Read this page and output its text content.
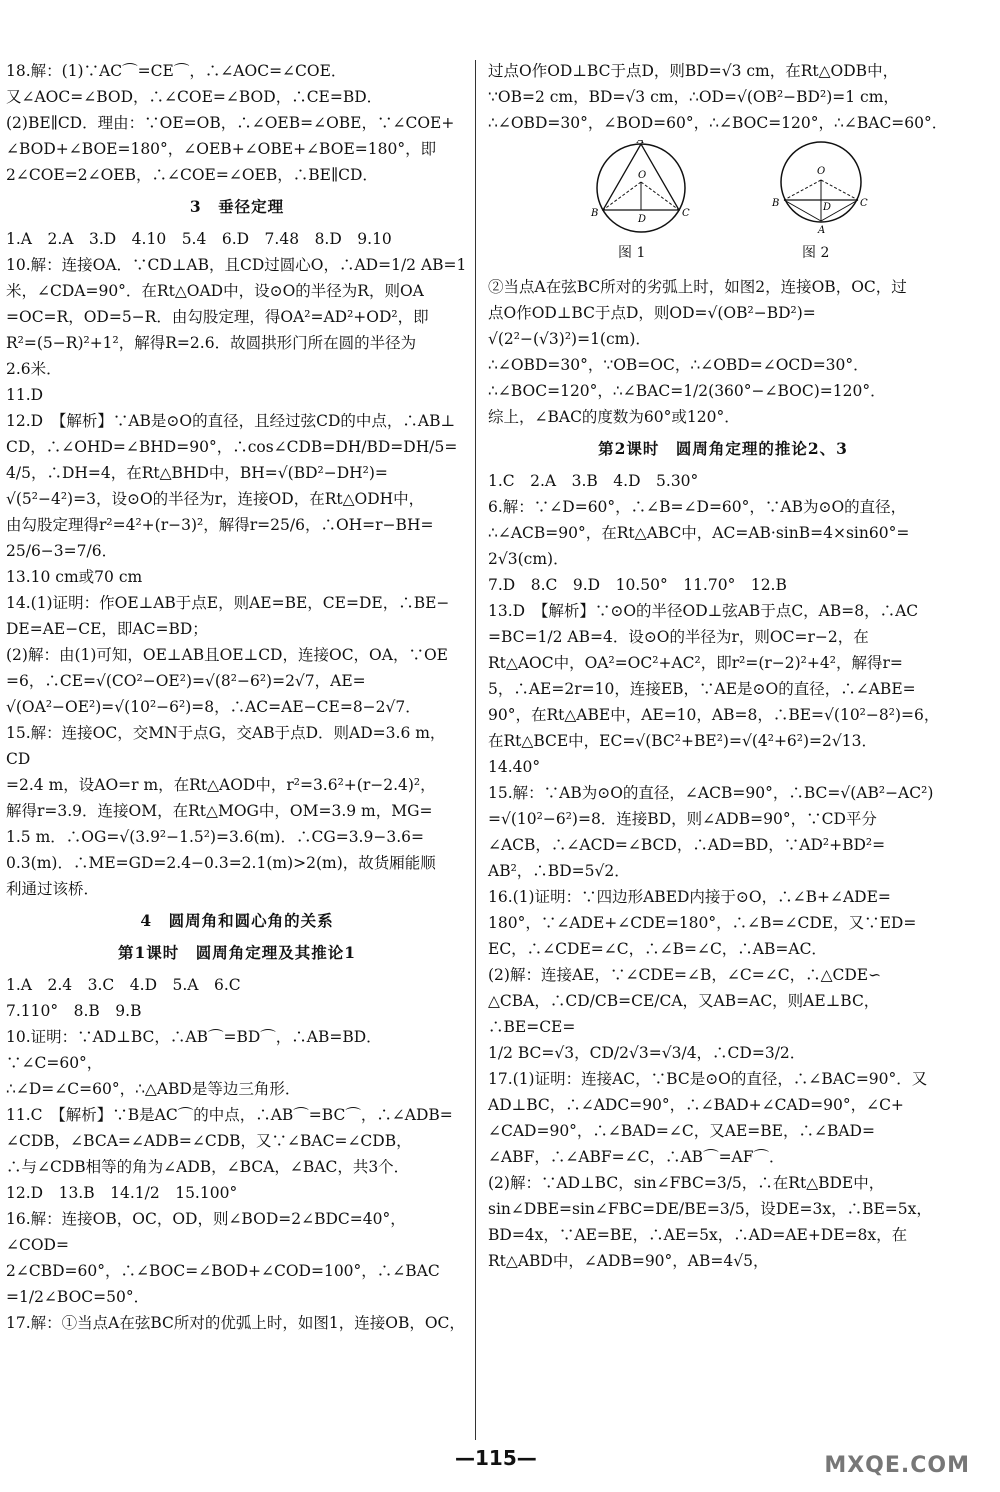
18.解：(1)∵AC⌒=CE⌒，∴∠AOC=∠COE．
又∠AOC=∠BOD，∴∠COE=∠BOD，∴CE=BD．
(2)BE∥CD．理由：∵OE=OB，∴∠OEB=∠OBE，∵∠COE+
∠BOD+∠BOE=180°，∠OEB+∠OBE+∠BOE=180°，即
2∠COE=2∠OEB，∴∠COE=∠OEB，∴BE∥CD．
3　垂径定理
1.A　2.A　3.D　4.10　5.4　6.D　7.48　8.D　9.10
10.解：连接OA．∵CD⊥AB，且CD过圆心O，∴AD=1/2 AB=1
米，∠CDA=90°．在Rt△OAD中，设⊙O的半径为R，则OA
=OC=R，OD=5−R．由勾股定理，得OA²=AD²+OD²，即
R²=(5−R)²+1²，解得R=2.6．故圆拱形门所在圆的半径为
2.6米．
11.D
12.D　【解析】∵AB是⊙O的直径，且经过弦CD的中点，∴AB⊥
CD，∴∠OHD=∠BHD=90°，∴cos∠CDB=DH/BD=DH/5=
4/5，∴DH=4，在Rt△BHD中，BH=√(BD²−DH²)=
√(5²−4²)=3，设⊙O的半径为r，连接OD，在Rt△ODH中，
由勾股定理得r²=4²+(r−3)²，解得r=25/6，∴OH=r−BH=
25/6−3=7/6．
13.10 cm或70 cm
14.(1)证明：作OE⊥AB于点E，则AE=BE，CE=DE，∴BE−
DE=AE−CE，即AC=BD；
(2)解：由(1)可知，OE⊥AB且OE⊥CD，连接OC，OA，∵OE
=6，∴CE=√(CO²−OE²)=√(8²−6²)=2√7，AE=
√(OA²−OE²)=√(10²−6²)=8，∴AC=AE−CE=8−2√7．
15.解：连接OC，交MN于点G，交AB于点D．则AD=3.6 m，CD
=2.4 m，设AO=r m，在Rt△AOD中，r²=3.6²+(r−2.4)²，
解得r=3.9．连接OM，在Rt△MOG中，OM=3.9 m，MG=
1.5 m．∴OG=√(3.9²−1.5²)=3.6(m)．∴CG=3.9−3.6=
0.3(m)．∴ME=GD=2.4−0.3=2.1(m)>2(m)，故货厢能顺
利通过该桥．
4　圆周角和圆心角的关系
第1课时　圆周角定理及其推论1
1.A　2.4　3.C　4.D　5.A　6.C
7.110°　8.B　9.B
10.证明：∵AD⊥BC，∴AB⌒=BD⌒，∴AB=BD．∵∠C=60°，
∴∠D=∠C=60°，∴△ABD是等边三角形．
11.C　【解析】∵B是AC⌒的中点，∴AB⌒=BC⌒，∴∠ADB=
∠CDB，∠BCA=∠ADB=∠CDB，又∵∠BAC=∠CDB，
∴与∠CDB相等的角为∠ADB，∠BCA，∠BAC，共3个．
12.D　13.B　14.1/2　15.100°
16.解：连接OB，OC，OD，则∠BOD=2∠BDC=40°，∠COD=
2∠CBD=60°，∴∠BOC=∠BOD+∠COD=100°，∴∠BAC
=1/2∠BOC=50°．
17.解：①当点A在弦BC所对的优弧上时，如图1，连接OB，OC，
过点O作OD⊥BC于点D，则BD=√3 cm，在Rt△ODB中，
∵OB=2 cm，BD=√3 cm，∴OD=√(OB²−BD²)=1 cm，
∴∠OBD=30°，∠BOD=60°，∴∠BOC=120°，∴∠BAC=60°．
A
B	C
O
D
图 1
O
B	C
D
A
图 2
②当点A在弦BC所对的劣弧上时，如图2，连接OB，OC，过
点O作OD⊥BC于点D，则OD=√(OB²−BD²)=
√(2²−(√3)²)=1(cm)．
∴∠OBD=30°，∵OB=OC，∴∠OBD=∠OCD=30°．
∴∠BOC=120°，∴∠BAC=1/2(360°−∠BOC)=120°．
综上，∠BAC的度数为60°或120°．
第2课时　圆周角定理的推论2、3
1.C　2.A　3.B　4.D　5.30°
6.解：∵∠D=60°，∴∠B=∠D=60°，∵AB为⊙O的直径，
∴∠ACB=90°，在Rt△ABC中，AC=AB·sinB=4×sin60°=
2√3(cm)．
7.D　8.C　9.D　10.50°　11.70°　12.B
13.D　【解析】∵⊙O的半径OD⊥弦AB于点C，AB=8，∴AC
=BC=1/2 AB=4．设⊙O的半径为r，则OC=r−2，在
Rt△AOC中，OA²=OC²+AC²，即r²=(r−2)²+4²，解得r=
5，∴AE=2r=10，连接EB，∵AE是⊙O的直径，∴∠ABE=
90°，在Rt△ABE中，AE=10，AB=8，∴BE=√(10²−8²)=6，
在Rt△BCE中，EC=√(BC²+BE²)=√(4²+6²)=2√13．
14.40°
15.解：∵AB为⊙O的直径，∠ACB=90°，∴BC=√(AB²−AC²)
=√(10²−6²)=8．连接BD，则∠ADB=90°，∵CD平分
∠ACB，∴∠ACD=∠BCD，∴AD=BD，∵AD²+BD²=
AB²，∴BD=5√2．
16.(1)证明：∵四边形ABED内接于⊙O，∴∠B+∠ADE=
180°，∵∠ADE+∠CDE=180°，∴∠B=∠CDE，又∵ED=
EC，∴∠CDE=∠C，∴∠B=∠C，∴AB=AC．
(2)解：连接AE，∵∠CDE=∠B，∠C=∠C，∴△CDE∽
△CBA，∴CD/CB=CE/CA，又AB=AC，则AE⊥BC，∴BE=CE=
1/2 BC=√3，CD/2√3=√3/4，∴CD=3/2．
17.(1)证明：连接AC，∵BC是⊙O的直径，∴∠BAC=90°．又
AD⊥BC，∴∠ADC=90°，∴∠BAD+∠CAD=90°，∠C+
∠CAD=90°，∴∠BAD=∠C，又AE=BE，∴∠BAD=
∠ABF，∴∠ABF=∠C，∴AB⌒=AF⌒．
(2)解：∵AD⊥BC，sin∠FBC=3/5，∴在Rt△BDE中，
sin∠DBE=sin∠FBC=DE/BE=3/5，设DE=3x，∴BE=5x，
BD=4x，∵AE=BE，∴AE=5x，∴AD=AE+DE=8x，在
Rt△ABD中，∠ADB=90°，AB=4√5，
—115—	MXQE.COM
